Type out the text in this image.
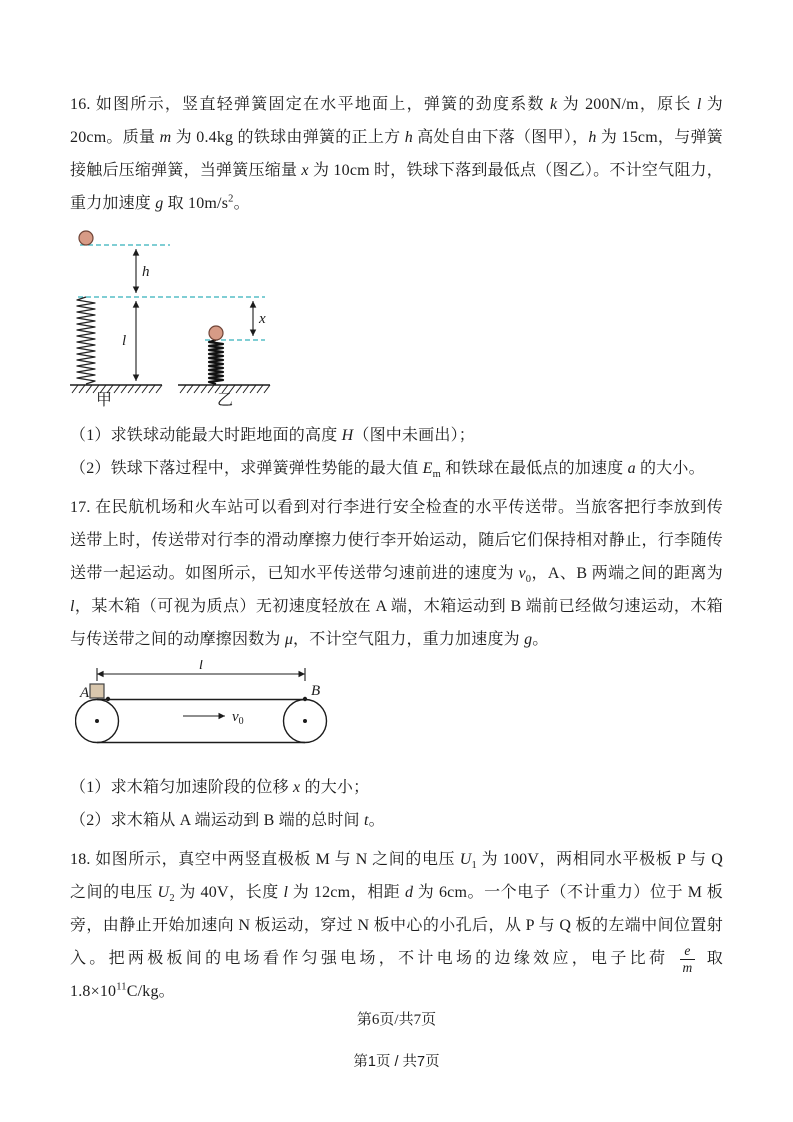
16. 如图所示，竖直轻弹簧固定在水平地面上，弹簧的劲度系数 k 为 200N/m，原长 l 为 20cm。质量 m 为 0.4kg 的铁球由弹簧的正上方 h 高处自由下落（图甲），h 为 15cm，与弹簧接触后压缩弹簧，当弹簧压缩量 x 为 10cm 时，铁球下落到最低点（图乙）。不计空气阻力，重力加速度 g 取 $10m/s^2$。

h
l
甲
x
乙

（1）求铁球动能最大时距地面的高度 H（图中未画出）；

（2）铁球下落过程中，求弹簧弹性势能的最大值 $E_m$ 和铁球在最低点的加速度 a 的大小。

17. 在民航机场和火车站可以看到对行李进行安全检查的水平传送带。当旅客把行李放到传送带上时，传送带对行李的滑动摩擦力使行李开始运动，随后它们保持相对静止，行李随传送带一起运动。如图所示，已知水平传送带匀速前进的速度为 $v_0$，A、B 两端之间的距离为 l，某木箱（可视为质点）无初速度轻放在 A 端，木箱运动到 B 端前已经做匀速运动，木箱与传送带之间的动摩擦因数为 μ，不计空气阻力，重力加速度为 g。

l
A	B
$v_0$

（1）求木箱匀加速阶段的位移 x 的大小；

（2）求木箱从 A 端运动到 B 端的总时间 t。

18. 如图所示，真空中两竖直极板 M 与 N 之间的电压 $U_1$ 为 100V，两相同水平极板 P 与 Q 之间的电压 $U_2$ 为 40V，长度 l 为 12cm，相距 d 为 6cm。一个电子（不计重力）位于 M 板旁，由静止开始加速向 N 板运动，穿过 N 板中心的小孔后，从 P 与 Q 板的左端中间位置射入。把两极板间的电场看作匀强电场，不计电场的边缘效应，电子比荷 $\frac{e}{m}$ 取 $1.8\times 10^{11}C/kg$。

第6页/共7页
第1页 / 共7页
